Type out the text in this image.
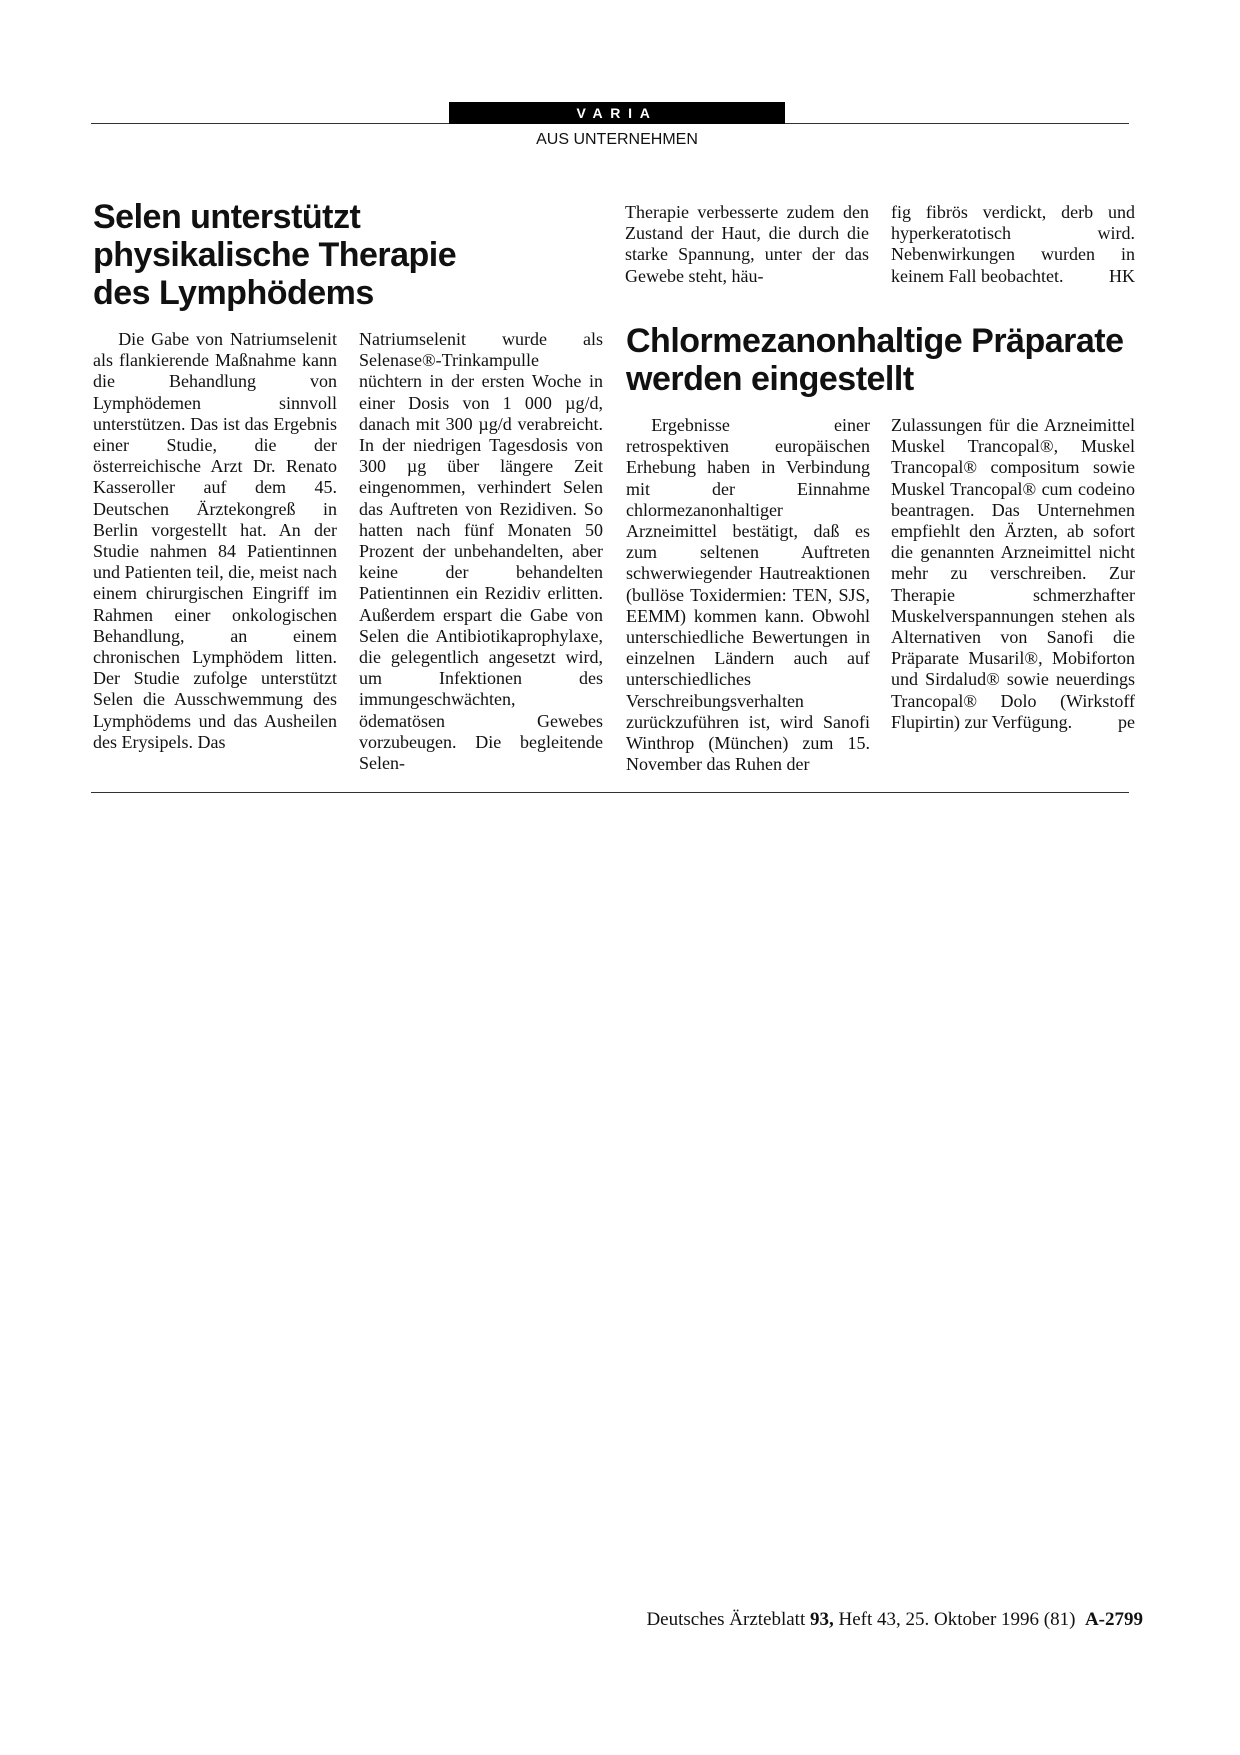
VARIA
AUS UNTERNEHMEN
Selen unterstützt physikalische Therapie des Lymphödems

Die Gabe von Natriumselenit als flankierende Maßnahme kann die Behandlung von Lymphödemen sinnvoll unterstützen. Das ist das Ergebnis einer Studie, die der österreichische Arzt Dr. Renato Kasseroller auf dem 45. Deutschen Ärztekongreß in Berlin vorgestellt hat. An der Studie nahmen 84 Patientinnen und Patienten teil, die, meist nach einem chirurgischen Eingriff im Rahmen einer onkologischen Behandlung, an einem chronischen Lymphödem litten. Der Studie zufolge unterstützt Selen die Ausschwemmung des Lymphödems und das Ausheilen des Erysipels. Das

Natriumselenit wurde als Selenase®-Trinkampulle nüchtern in der ersten Woche in einer Dosis von 1 000 µg/d, danach mit 300 µg/d verabreicht. In der niedrigen Tagesdosis von 300 µg über längere Zeit eingenommen, verhindert Selen das Auftreten von Rezidiven. So hatten nach fünf Monaten 50 Prozent der unbehandelten, aber keine der behandelten Patientinnen ein Rezidiv erlitten. Außerdem erspart die Gabe von Selen die Antibiotikaprophylaxe, die gelegentlich angesetzt wird, um Infektionen des immungeschwächten, ödematösen Gewebes vorzubeugen. Die begleitende Selen-

Therapie verbesserte zudem den Zustand der Haut, die durch die starke Spannung, unter der das Gewebe steht, häu-

fig fibrös verdickt, derb und hyperkeratotisch wird. Nebenwirkungen wurden in keinem Fall beobachtet.	HK

Chlormezanonhaltige Präparate werden eingestellt

Ergebnisse einer retrospektiven europäischen Erhebung haben in Verbindung mit der Einnahme chlormezanonhaltiger Arzneimittel bestätigt, daß es zum seltenen Auftreten schwerwiegender Hautreaktionen (bullöse Toxidermien: TEN, SJS, EEMM) kommen kann. Obwohl unterschiedliche Bewertungen in einzelnen Ländern auch auf unterschiedliches Verschreibungsverhalten zurückzuführen ist, wird Sanofi Winthrop (München) zum 15. November das Ruhen der

Zulassungen für die Arzneimittel Muskel Trancopal®, Muskel Trancopal® compositum sowie Muskel Trancopal® cum codeino beantragen. Das Unternehmen empfiehlt den Ärzten, ab sofort die genannten Arzneimittel nicht mehr zu verschreiben. Zur Therapie schmerzhafter Muskelverspannungen stehen als Alternativen von Sanofi die Präparate Musaril®, Mobiforton und Sirdalud® sowie neuerdings Trancopal® Dolo (Wirkstoff Flupirtin) zur Verfügung.	pe

Deutsches Ärzteblatt 93, Heft 43, 25. Oktober 1996 (81) A-2799
